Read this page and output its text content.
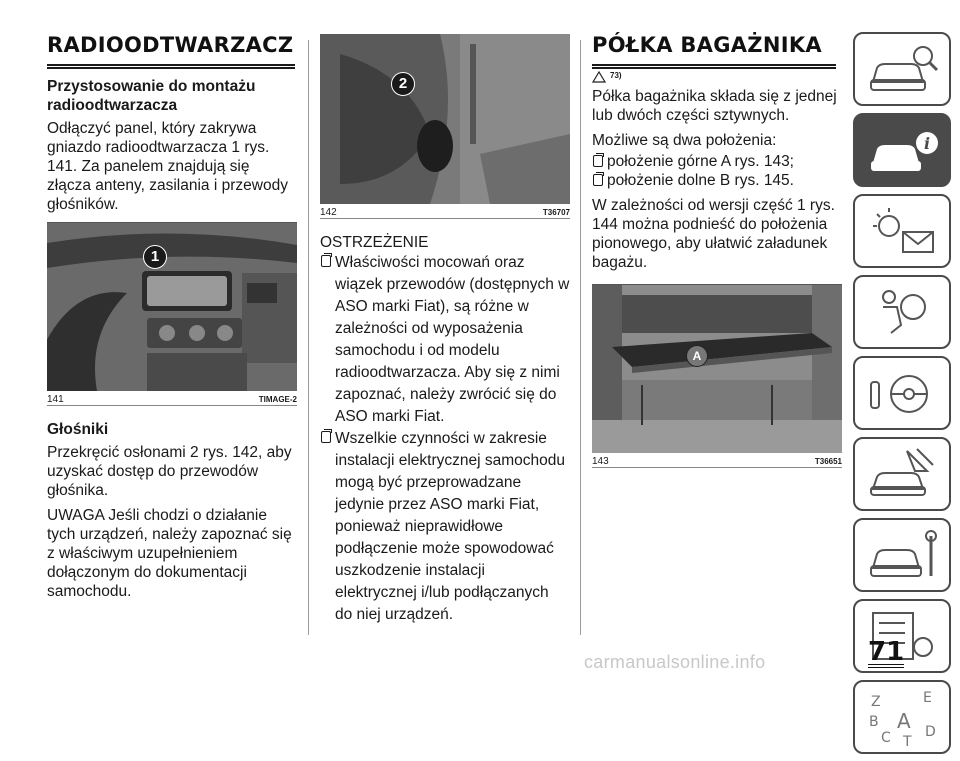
RADIOODTWARZACZ
Przystosowanie do montażu radioodtwarzacza

Odłączyć panel, który zakrywa gniazdo radioodtwarzacza 1 rys. 141. Za panelem znajdują się złącza anteny, zasilania i przewody głośników.

1
141	TIMAGE-2
Głośniki

Przekręcić osłonami 2 rys. 142, aby uzyskać dostęp do przewodów głośnika.

UWAGA Jeśli chodzi o działanie tych urządzeń, należy zapoznać się z właściwym uzupełnieniem dołączonym do dokumentacji samochodu.

2
142	T36707
OSTRZEŻENIE
Właściwości mocowań oraz wiązek przewodów (dostępnych w ASO marki Fiat), są różne w zależności od wyposażenia samochodu i od modelu radioodtwarzacza. Aby się z nimi zapoznać, należy zwrócić się do ASO marki Fiat.
Wszelkie czynności w zakresie instalacji elektrycznej samochodu mogą być przeprowadzane jedynie przez ASO marki Fiat, ponieważ nieprawidłowe podłączenie może spowodować uszkodzenie instalacji elektrycznej i/lub podłączanych do niej urządzeń.
PÓŁKA BAGAŻNIKA
73)

Półka bagażnika składa się z jednej lub dwóch części sztywnych.

Możliwe są dwa położenia:

położenie górne A rys. 143;
położenie dolne B rys. 145.

W zależności od wersji część 1 rys. 144 można podnieść do położenia pionowego, aby ułatwić załadunek bagażu.

A
143	T36651
i
Z	E
B A
C T
D
71
carmanualsonline.info
